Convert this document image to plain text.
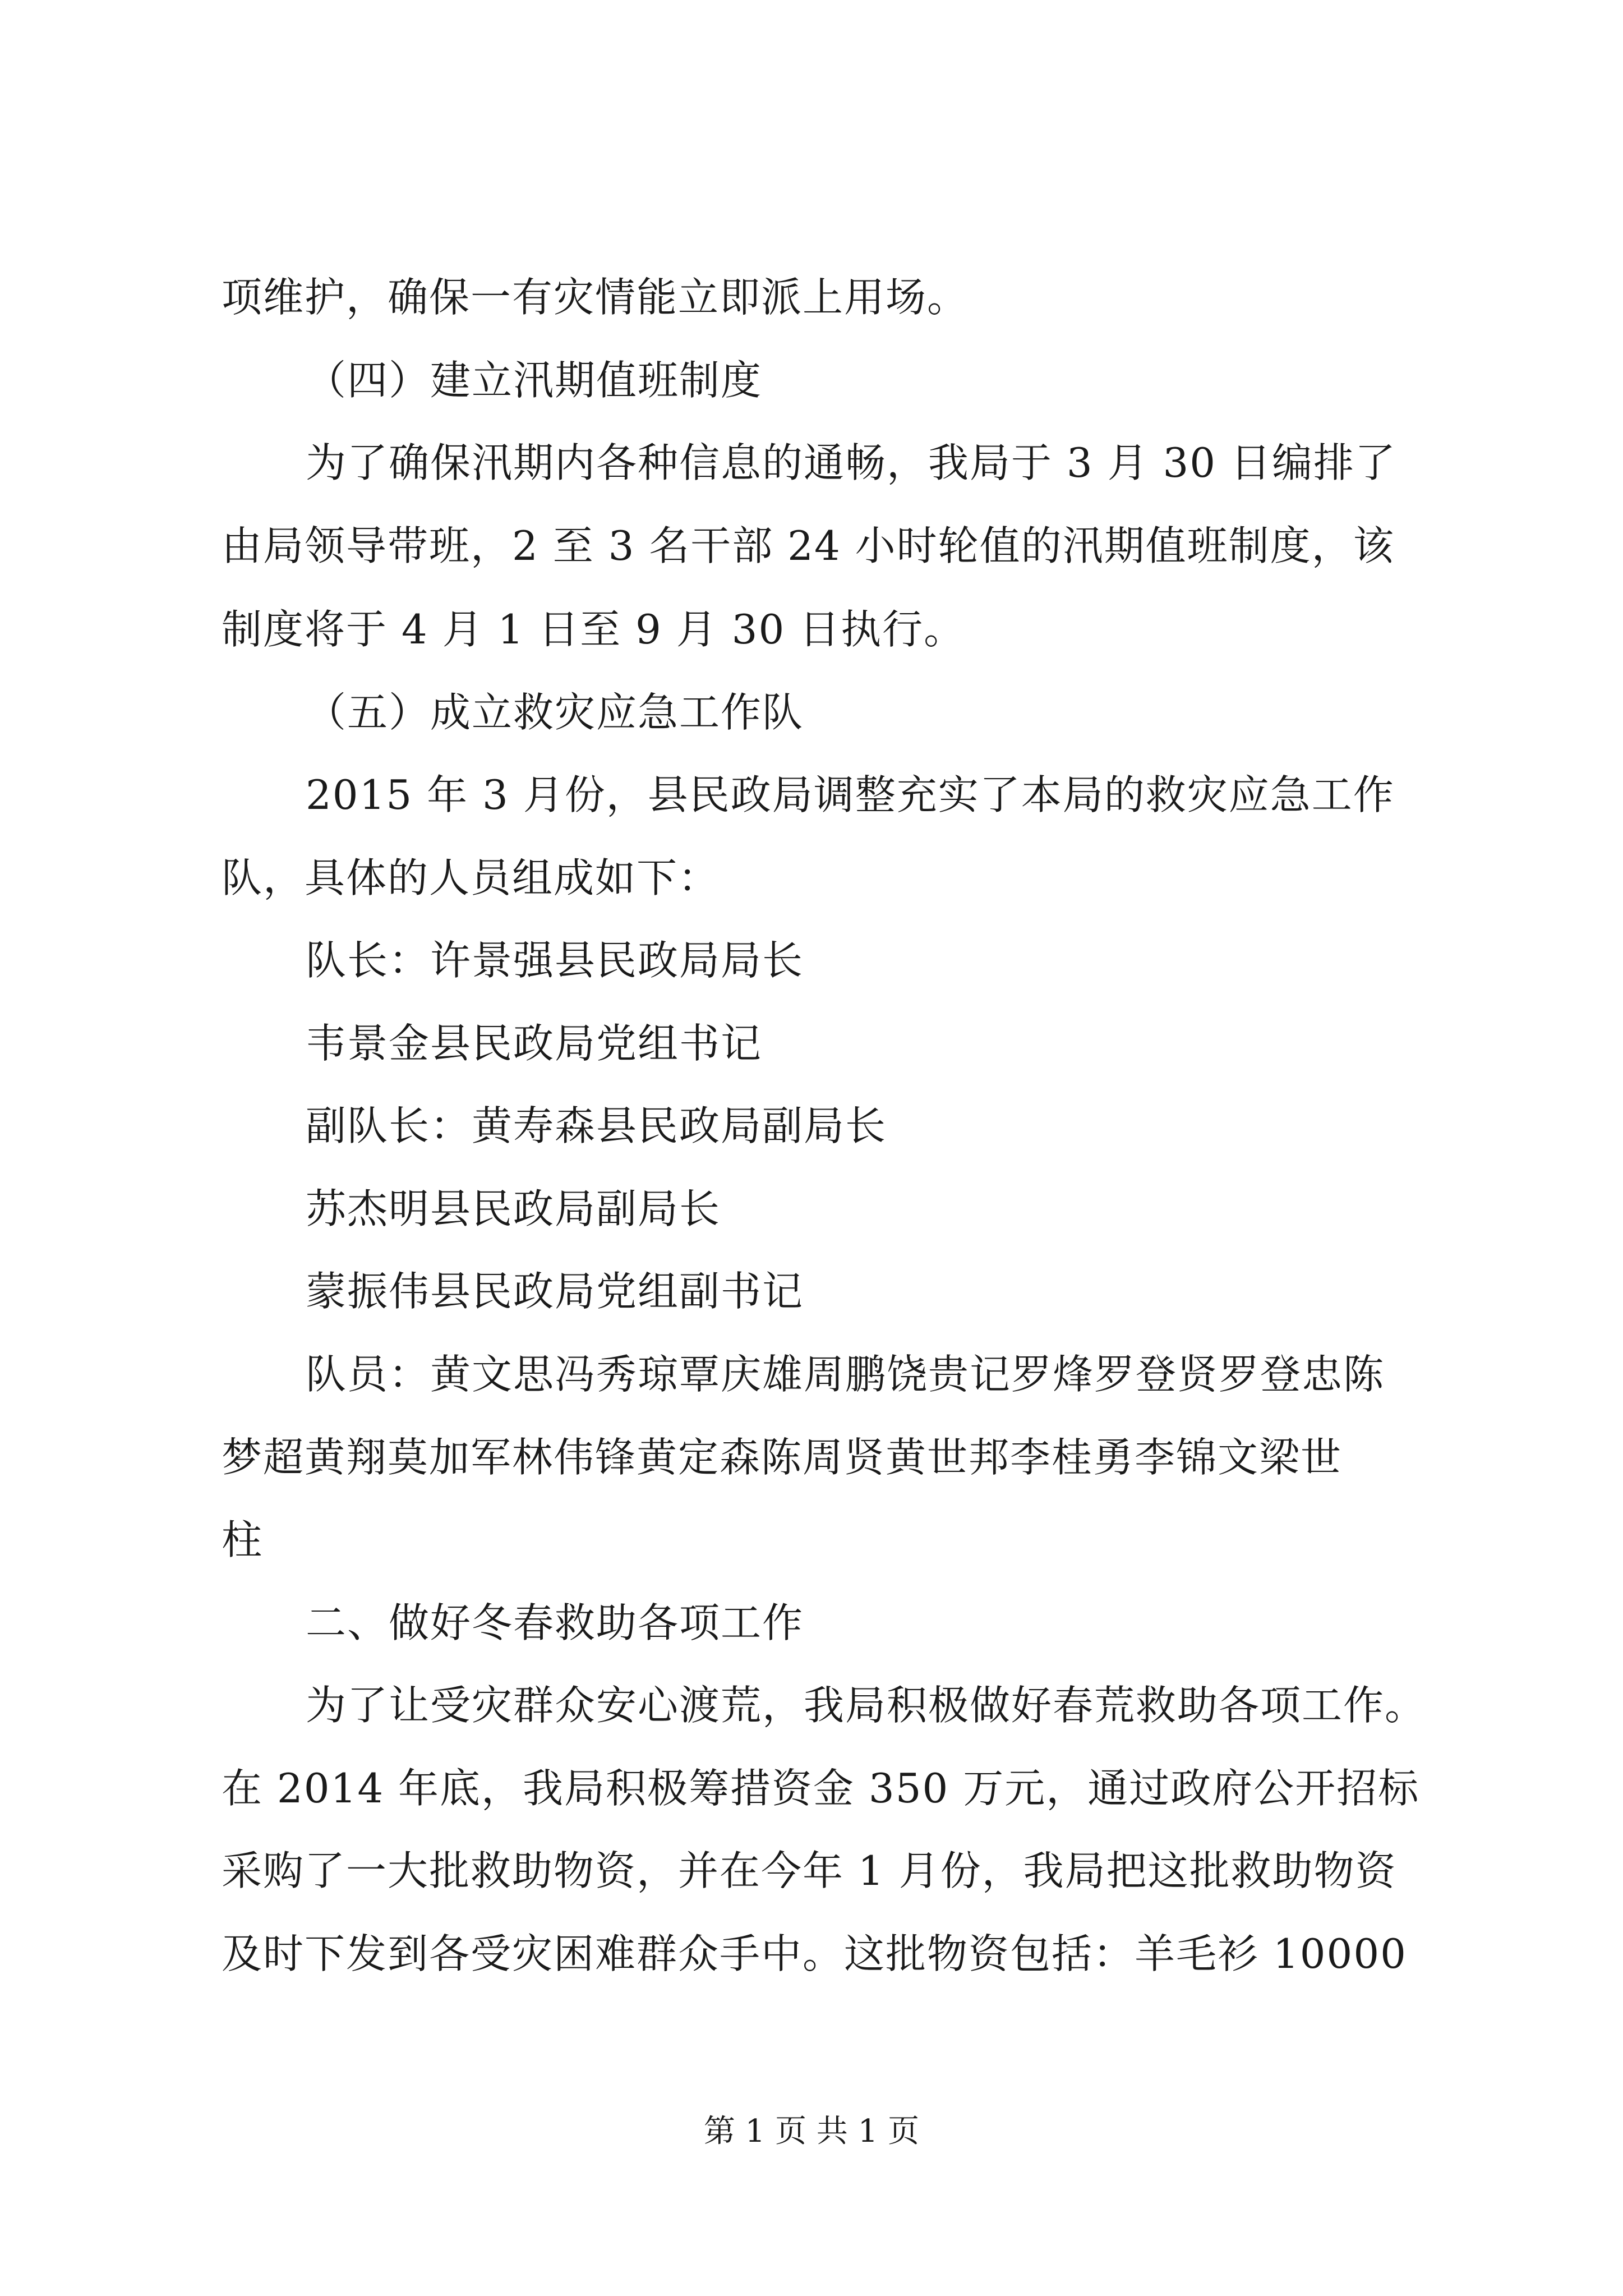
项维护，确保一有灾情能立即派上用场。
（四）建立汛期值班制度
为了确保汛期内各种信息的通畅，我局于 3 月 30 日编排了
由局领导带班，2 至 3 名干部 24 小时轮值的汛期值班制度，该
制度将于 4 月 1 日至 9 月 30 日执行。
（五）成立救灾应急工作队
2015 年 3 月份，县民政局调整充实了本局的救灾应急工作
队，具体的人员组成如下：
队长：许景强县民政局局长
韦景金县民政局党组书记
副队长：黄寿森县民政局副局长
苏杰明县民政局副局长
蒙振伟县民政局党组副书记
队员：黄文思冯秀琼覃庆雄周鹏饶贵记罗烽罗登贤罗登忠陈
梦超黄翔莫加军林伟锋黄定森陈周贤黄世邦李桂勇李锦文梁世
柱
二、做好冬春救助各项工作
为了让受灾群众安心渡荒，我局积极做好春荒救助各项工作。
在 2014 年底，我局积极筹措资金 350 万元，通过政府公开招标
采购了一大批救助物资，并在今年 1 月份，我局把这批救助物资
及时下发到各受灾困难群众手中。这批物资包括：羊毛衫 10000
第 1 页 共 1 页
